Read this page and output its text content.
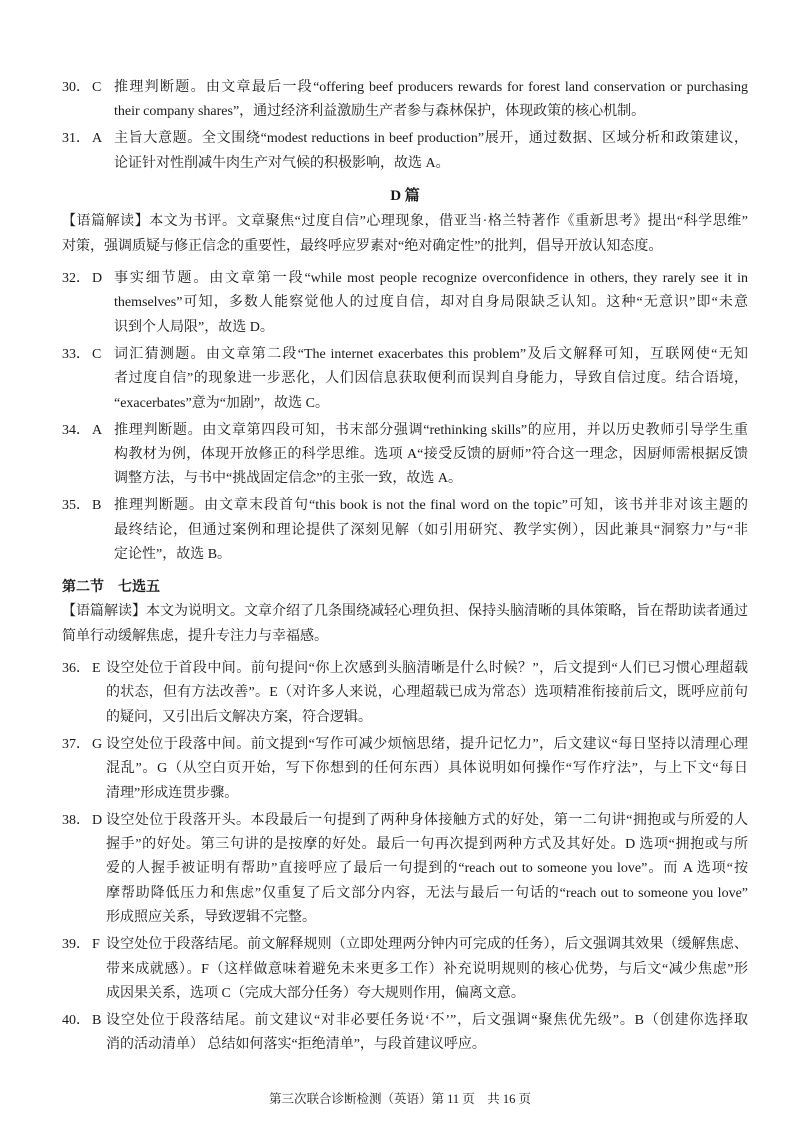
30． C 推理判断题。由文章最后一段“offering beef producers rewards for forest land conservation or purchasing
their company shares”，通过经济利益激励生产者参与森林保护，体现政策的核心机制。
31． A 主旨大意题。全文围绕“modest reductions in beef production”展开，通过数据、区域分析和政策建议，
论证针对性削减牛肉生产对气候的积极影响，故选 A。
D 篇
【语篇解读】本文为书评。文章聚焦“过度自信”心理现象，借亚当·格兰特著作《重新思考》提出“科学思维”
对策，强调质疑与修正信念的重要性，最终呼应罗素对“绝对确定性”的批判，倡导开放认知态度。
32． D 事实细节题。由文章第一段“while most people recognize overconfidence in others, they rarely see it in
themselves”可知，多数人能察觉他人的过度自信，却对自身局限缺乏认知。这种“无意识”即“未意
识到个人局限”，故选 D。
33． C 词汇猜测题。由文章第二段“The internet exacerbates this problem”及后文解释可知，互联网使“无知
者过度自信”的现象进一步恶化，人们因信息获取便利而误判自身能力，导致自信过度。结合语境，
“exacerbates”意为“加剧”，故选 C。
34． A 推理判断题。由文章第四段可知，书末部分强调“rethinking skills”的应用，并以历史教师引导学生重
构教材为例，体现开放修正的科学思维。选项 A“接受反馈的厨师”符合这一理念，因厨师需根据反馈
调整方法，与书中“挑战固定信念”的主张一致，故选 A。
35． B 推理判断题。由文章末段首句“this book is not the final word on the topic”可知，该书并非对该主题的
最终结论，但通过案例和理论提供了深刻见解（如引用研究、教学实例），因此兼具“洞察力”与“非
定论性”，故选 B。
第二节　七选五
【语篇解读】本文为说明文。文章介绍了几条围绕减轻心理负担、保持头脑清晰的具体策略，旨在帮助读者通过
简单行动缓解焦虑，提升专注力与幸福感。
36． E 设空处位于首段中间。前句提问“你上次感到头脑清晰是什么时候？”，后文提到“人们已习惯心理超载
的状态，但有方法改善”。E（对许多人来说，心理超载已成为常态）选项精准衔接前后文，既呼应前句
的疑问，又引出后文解决方案，符合逻辑。
37． G 设空处位于段落中间。前文提到“写作可减少烦恼思绪，提升记忆力”，后文建议“每日坚持以清理心理
混乱”。G（从空白页开始，写下你想到的任何东西）具体说明如何操作“写作疗法”，与上下文“每日
清理”形成连贯步骤。
38． D 设空处位于段落开头。本段最后一句提到了两种身体接触方式的好处，第一二句讲“拥抱或与所爱的人
握手”的好处。第三句讲的是按摩的好处。最后一句再次提到两种方式及其好处。D 选项“拥抱或与所
爱的人握手被证明有帮助”直接呼应了最后一句提到的“reach out to someone you love”。而 A 选项“按
摩帮助降低压力和焦虑”仅重复了后文部分内容，无法与最后一句话的“reach out to someone you love”
形成照应关系，导致逻辑不完整。
39． F 设空处位于段落结尾。前文解释规则（立即处理两分钟内可完成的任务），后文强调其效果（缓解焦虑、
带来成就感）。F（这样做意味着避免未来更多工作）补充说明规则的核心优势，与后文“减少焦虑”形
成因果关系，选项 C（完成大部分任务）夸大规则作用，偏离文意。
40． B 设空处位于段落结尾。前文建议“对非必要任务说‘不’”，后文强调“聚焦优先级”。B（创建你选择取
消的活动清单） 总结如何落实“拒绝清单”，与段首建议呼应。
第三次联合诊断检测（英语）第 11 页　共 16 页
